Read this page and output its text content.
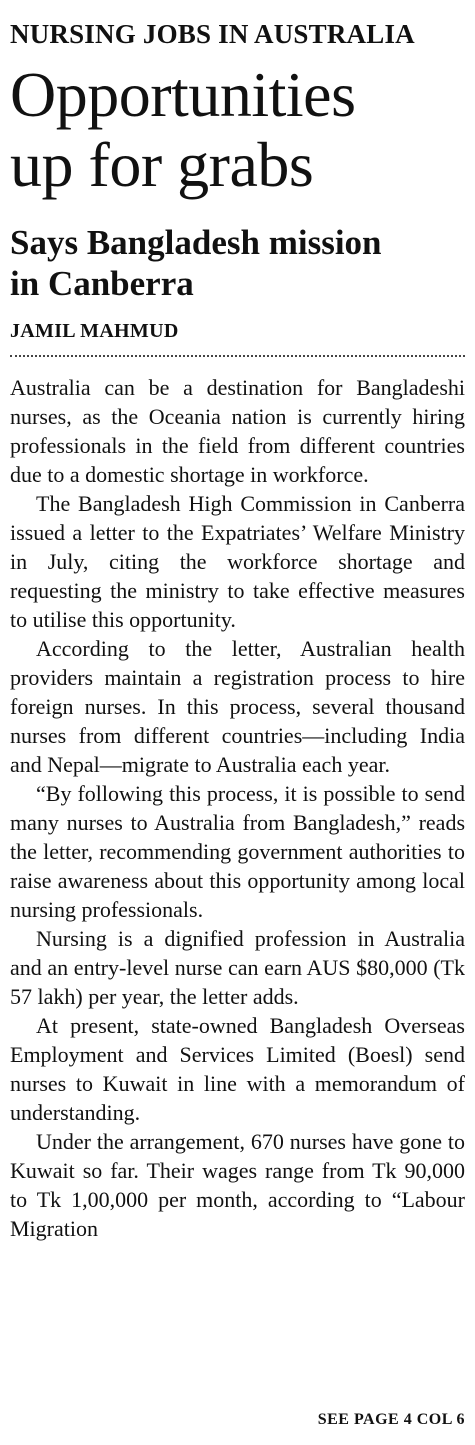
NURSING JOBS IN AUSTRALIA
Opportunities
up for grabs
Says Bangladesh mission
in Canberra
JAMIL MAHMUD

Australia can be a destination for Bangladeshi nurses, as the Oceania nation is currently hiring professionals in the field from different countries due to a domestic shortage in workforce.

The Bangladesh High Commission in Canberra issued a letter to the Expatriates’ Welfare Ministry in July, citing the workforce shortage and requesting the ministry to take effective measures to utilise this opportunity.

According to the letter, Australian health providers maintain a registration process to hire foreign nurses. In this process, several thousand nurses from different countries—including India and Nepal—migrate to Australia each year.

“By following this process, it is possible to send many nurses to Australia from Bangladesh,” reads the letter, recommending government authorities to raise awareness about this opportunity among local nursing professionals.

Nursing is a dignified profession in Australia and an entry-level nurse can earn AUS $80,000 (Tk 57 lakh) per year, the letter adds.

At present, state-owned Bangladesh Overseas Employment and Services Limited (Boesl) send nurses to Kuwait in line with a memorandum of understanding.

Under the arrangement, 670 nurses have gone to Kuwait so far. Their wages range from Tk 90,000 to Tk 1,00,000 per month, according to “Labour Migration

SEE PAGE 4 COL 6
